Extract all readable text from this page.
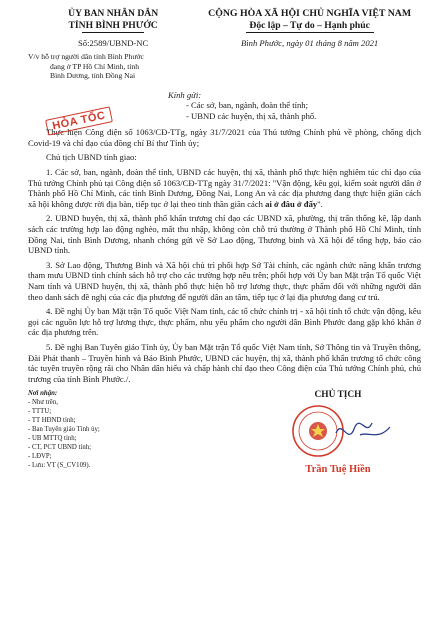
ỦY BAN NHÂN DÂN
TỈNH BÌNH PHƯỚC
CỘNG HÒA XÃ HỘI CHỦ NGHĨA VIỆT NAM
Độc lập – Tự do – Hạnh phúc
Số:2589/UBND-NC	Bình Phước, ngày 01 tháng 8 năm 2021
V/v hỗ trợ người dân tỉnh Bình Phước
đang ở TP Hồ Chí Minh, tỉnh
Bình Dương, tỉnh Đồng Nai
HỎA TỐC
Kính gửi:
- Các sở, ban, ngành, đoàn thể tỉnh;
- UBND các huyện, thị xã, thành phố.

Thực hiện Công điện số 1063/CĐ-TTg, ngày 31/7/2021 của Thủ tướng Chính phủ về phòng, chống dịch Covid-19 và chỉ đạo của đồng chí Bí thư Tỉnh ủy;

Chủ tịch UBND tỉnh giao:

1. Các sở, ban, ngành, đoàn thể tỉnh, UBND các huyện, thị xã, thành phố thực hiện nghiêm túc chỉ đạo của Thủ tướng Chính phủ tại Công điện số 1063/CĐ-TTg ngày 31/7/2021: "Vận động, kêu gọi, kiểm soát người dân ở Thành phố Hồ Chí Minh, các tỉnh Bình Dương, Đồng Nai, Long An và các địa phương đang thực hiện giãn cách xã hội không được rời địa bàn, tiếp tục ở lại theo tinh thần giãn cách ai ở đâu ở đấy".

2. UBND huyện, thị xã, thành phố khẩn trương chỉ đạo các UBND xã, phường, thị trấn thống kê, lập danh sách các trường hợp lao động nghèo, mất thu nhập, không còn chỗ trú thường ở Thành phố Hồ Chí Minh, tỉnh Đồng Nai, tỉnh Bình Dương, nhanh chóng gửi về Sở Lao động, Thương binh và Xã hội để tổng hợp, báo cáo UBND tỉnh.

3. Sở Lao động, Thương Binh và Xã hội chủ trì phối hợp Sở Tài chính, các ngành chức năng khẩn trương tham mưu UBND tỉnh chính sách hỗ trợ cho các trường hợp nêu trên; phối hợp với Ủy ban Mặt trận Tổ quốc Việt Nam tỉnh và UBND huyện, thị xã, thành phố thực hiện hỗ trợ lương thực, thực phẩm đối với những người dân theo danh sách đề nghị của các địa phương để người dân an tâm, tiếp tục ở lại địa phương đang cư trú.

4. Đề nghị Ủy ban Mặt trận Tổ quốc Việt Nam tỉnh, các tổ chức chính trị - xã hội tỉnh tổ chức vận động, kêu gọi các nguồn lực hỗ trợ lương thực, thực phẩm, nhu yếu phẩm cho người dân Bình Phước đang gặp khó khăn ở các địa phương trên.

5. Đề nghị Ban Tuyên giáo Tỉnh ủy, Ủy ban Mặt trận Tổ quốc Việt Nam tỉnh, Sở Thông tin và Truyền thông, Đài Phát thanh – Truyền hình và Báo Bình Phước, UBND các huyện, thị xã, thành phố khẩn trương tổ chức công tác tuyên truyền rộng rãi cho Nhân dân hiểu và chấp hành chỉ đạo theo Công điện của Thủ tướng Chính phủ, chủ trương của tỉnh Bình Phước./.

Nơi nhận:
- Như trên,
- TTTU;
- TT HĐND tỉnh;
- Ban Tuyên giáo Tỉnh ủy;
- UB MTTQ tỉnh;
- CT, PCT UBND tỉnh;
- LĐVP;
- Lưu: VT (S_CV109).
CHỦ TỊCH
Trần Tuệ Hiền
